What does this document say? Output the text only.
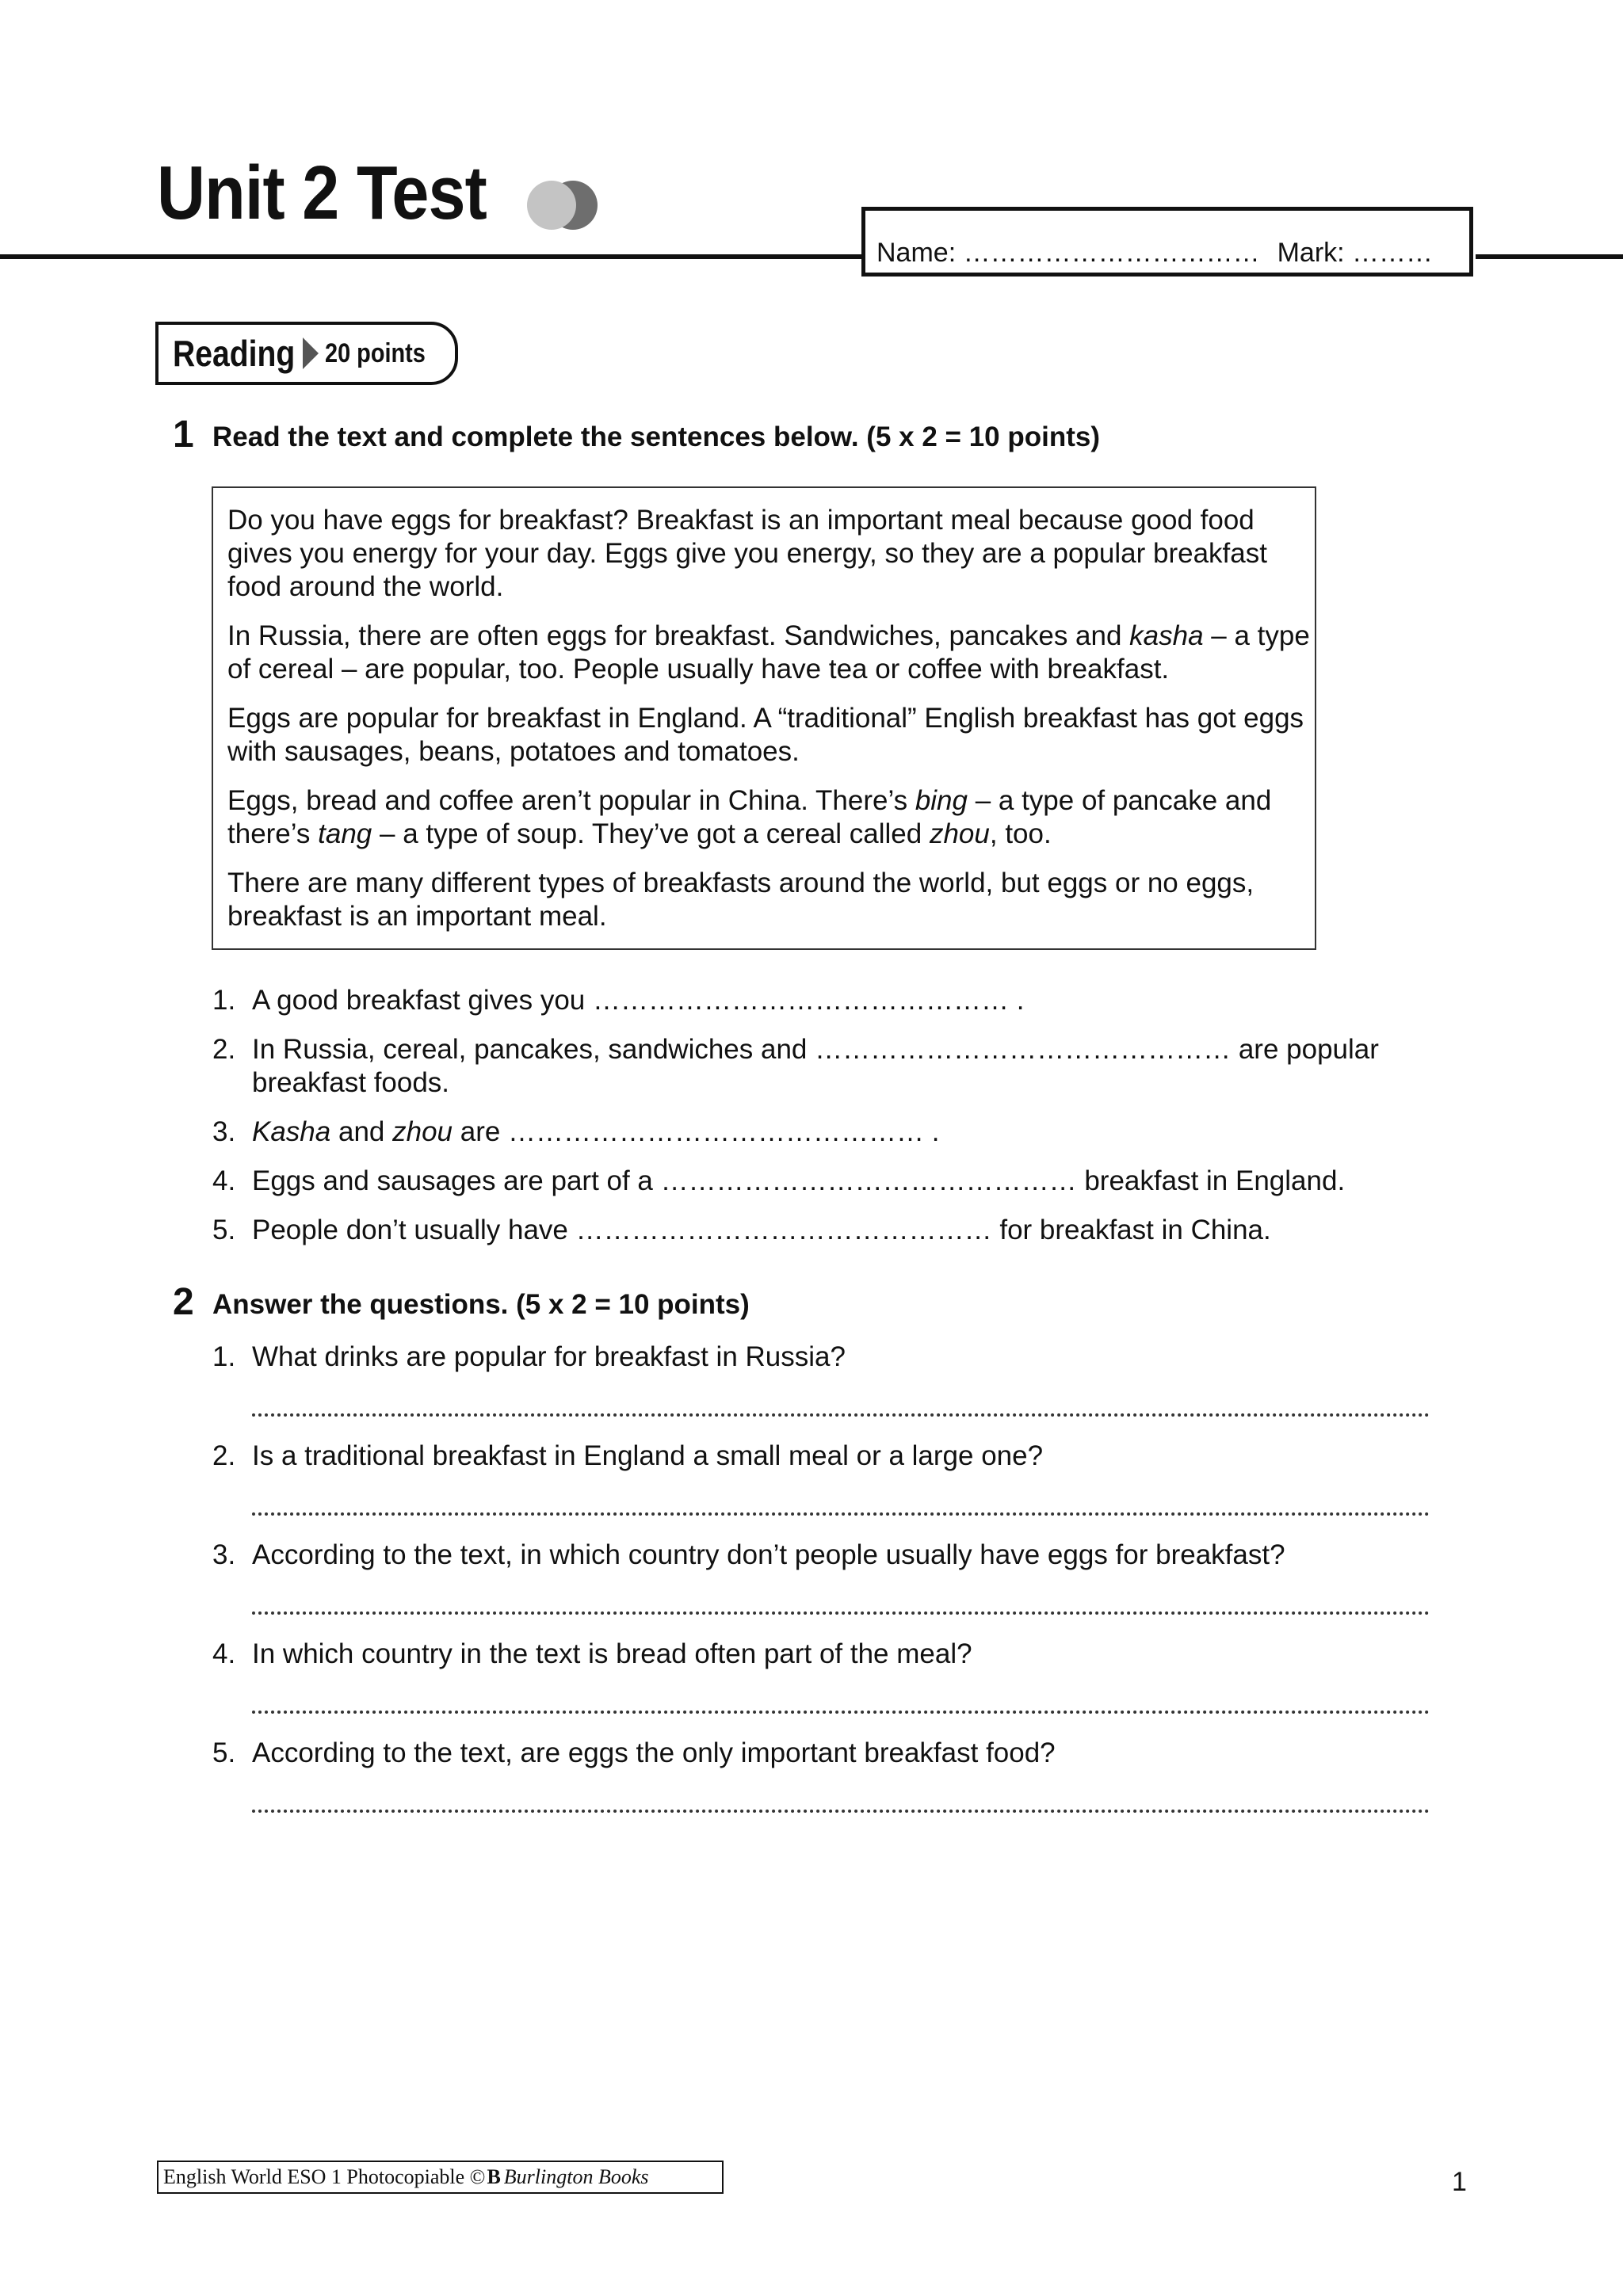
Unit 2 Test
Name: …………………………… Mark: ………
Reading 20 points
1 Read the text and complete the sentences below. (5 x 2 = 10 points)
Do you have eggs for breakfast? Breakfast is an important meal because good food gives you energy for your day. Eggs give you energy, so they are a popular breakfast food around the world.
In Russia, there are often eggs for breakfast. Sandwiches, pancakes and kasha – a type of cereal – are popular, too. People usually have tea or coffee with breakfast.
Eggs are popular for breakfast in England. A “traditional” English breakfast has got eggs with sausages, beans, potatoes and tomatoes.
Eggs, bread and coffee aren’t popular in China. There’s bing – a type of pancake and there’s tang – a type of soup. They’ve got a cereal called zhou, too.
There are many different types of breakfasts around the world, but eggs or no eggs, breakfast is an important meal.
1. A good breakfast gives you ……………………………………… .
2. In Russia, cereal, pancakes, sandwiches and ……………………………………… are popular
breakfast foods.
3. Kasha and zhou are ……………………………………… .
4. Eggs and sausages are part of a ……………………………………… breakfast in England.
5. People don’t usually have ……………………………………… for breakfast in China.
2 Answer the questions. (5 x 2 = 10 points)
1. What drinks are popular for breakfast in Russia?
2. Is a traditional breakfast in England a small meal or a large one?
3. According to the text, in which country don’t people usually have eggs for breakfast?
4. In which country in the text is bread often part of the meal?
5. According to the text, are eggs the only important breakfast food?
English World ESO 1 Photocopiable © B Burlington Books	1
